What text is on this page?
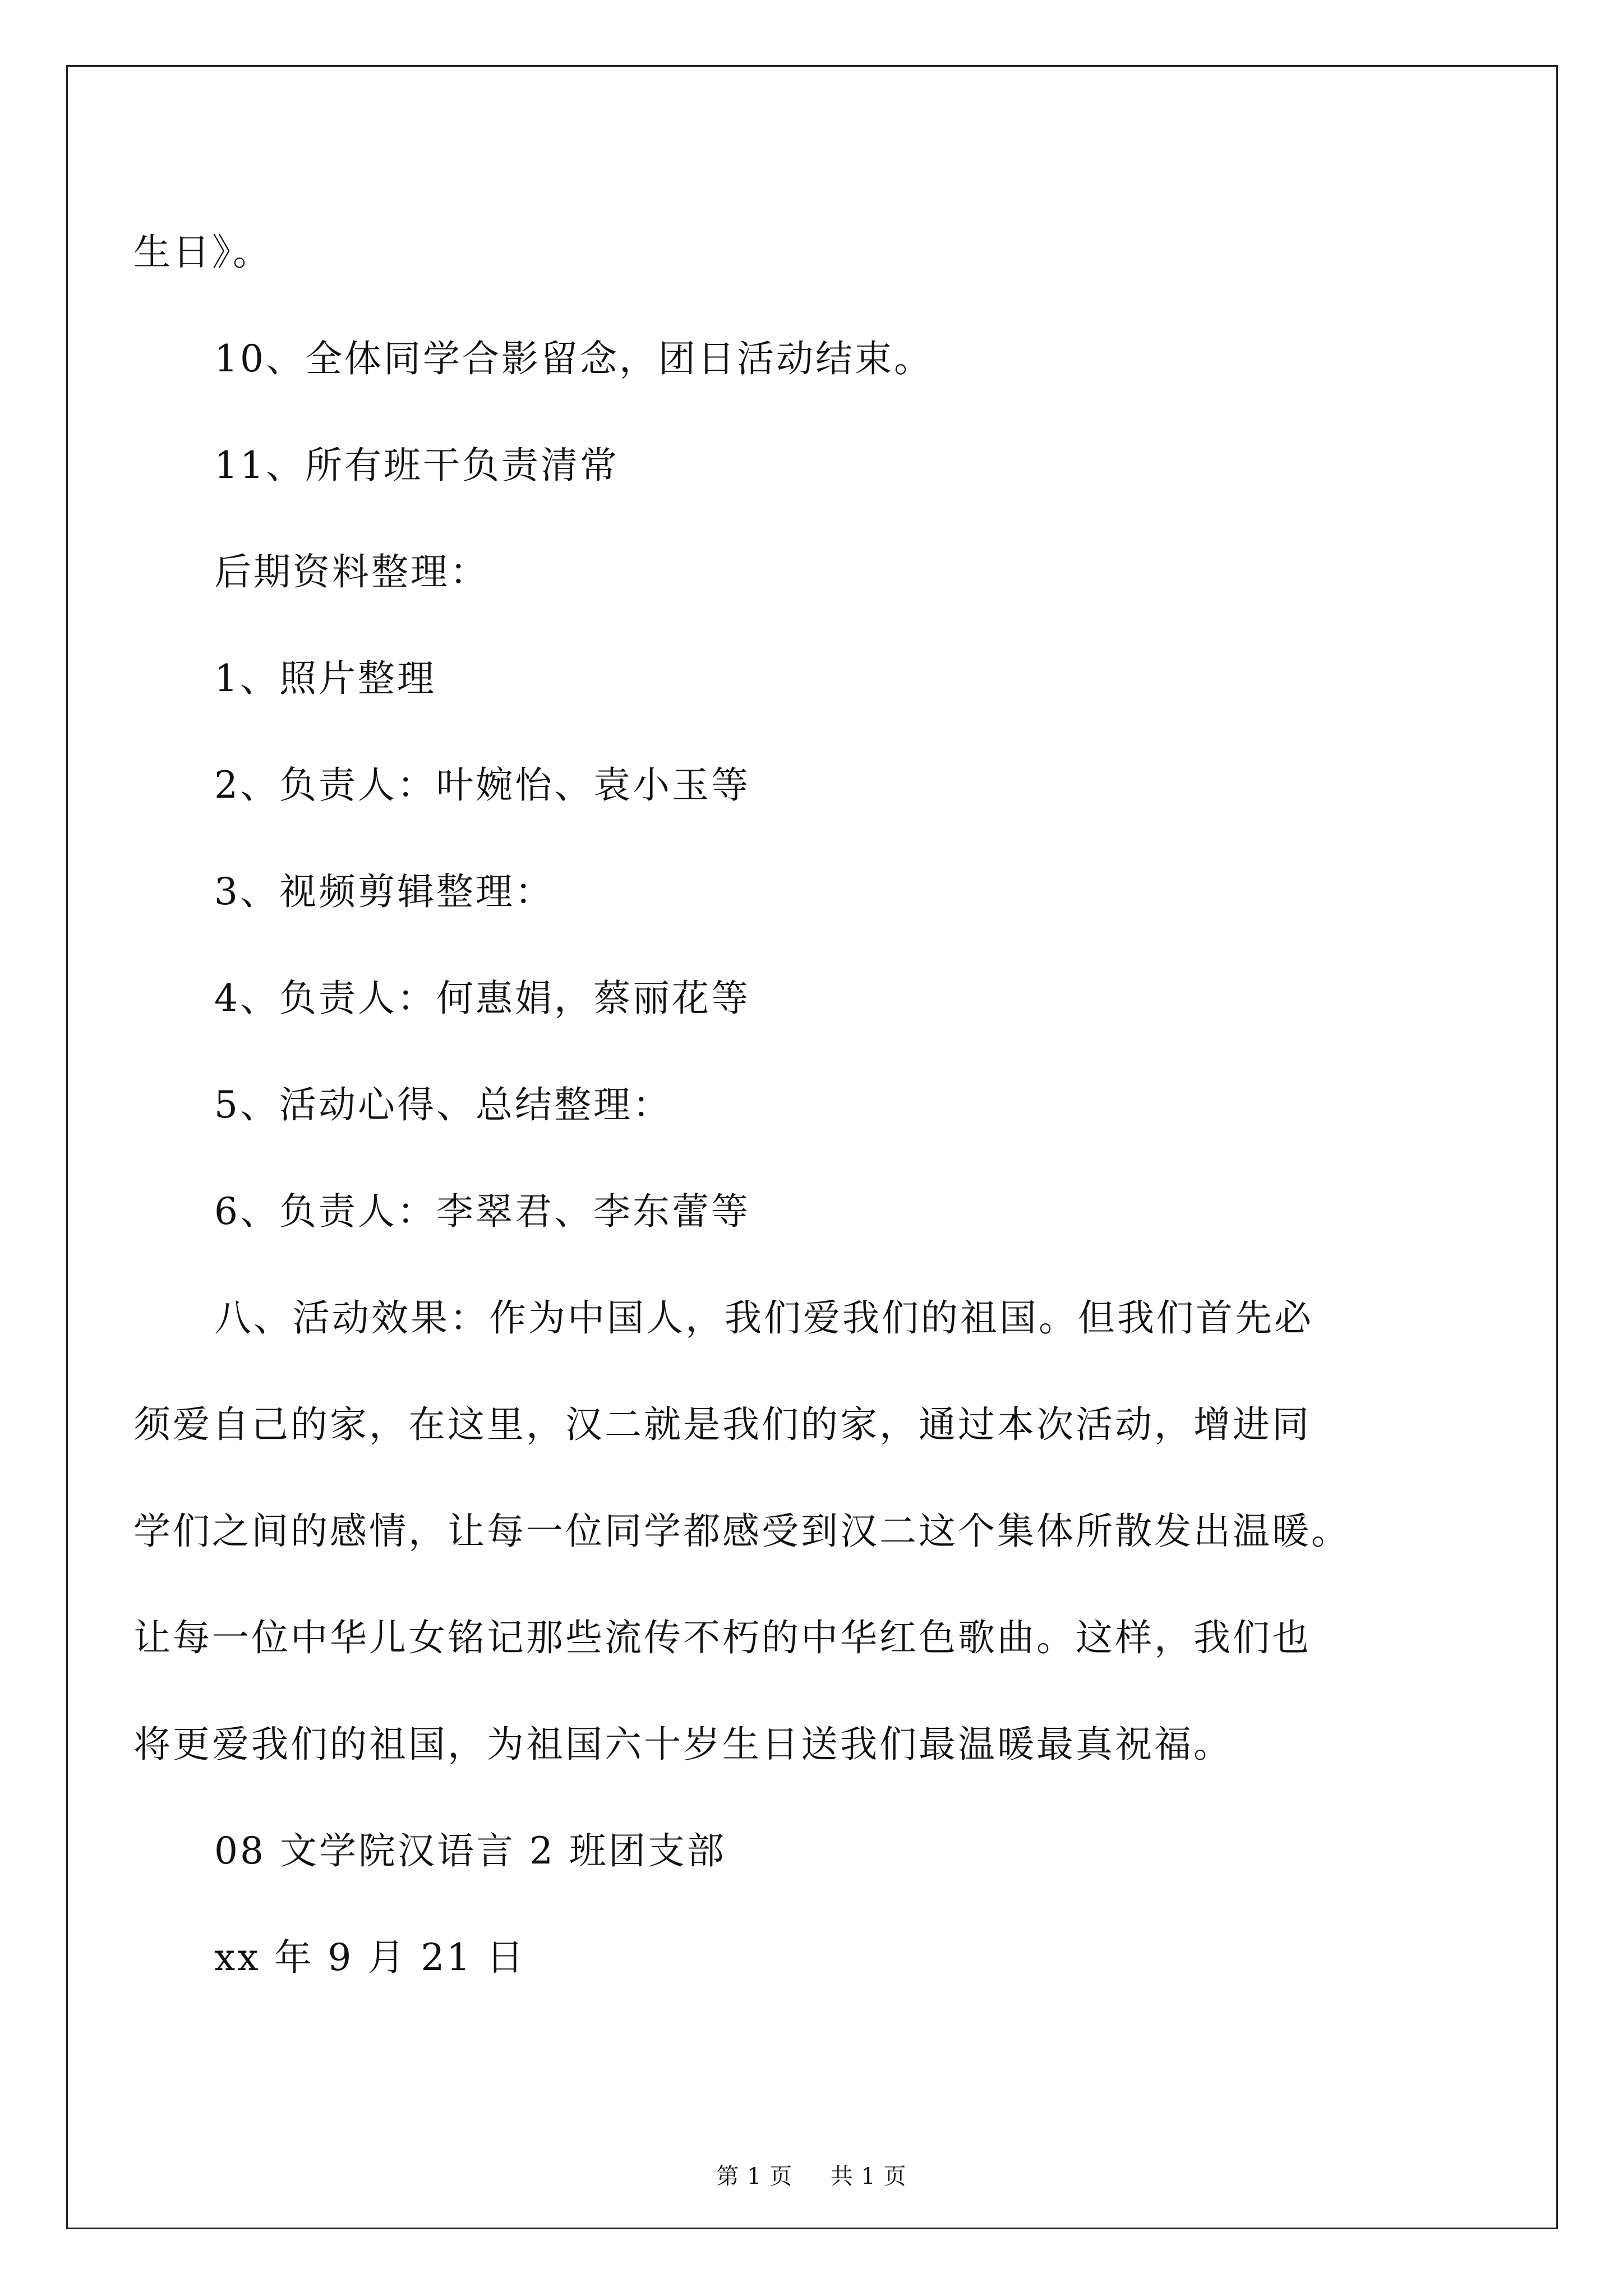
生日》。
10、全体同学合影留念，团日活动结束。
11、所有班干负责清常
后期资料整理：
1、照片整理
2、负责人：叶婉怡、袁小玉等
3、视频剪辑整理：
4、负责人：何惠娟，蔡丽花等
5、活动心得、总结整理：
6、负责人：李翠君、李东蕾等
八、活动效果：作为中国人，我们爱我们的祖国。但我们首先必
须爱自己的家，在这里，汉二就是我们的家，通过本次活动，增进同
学们之间的感情，让每一位同学都感受到汉二这个集体所散发出温暖。
让每一位中华儿女铭记那些流传不朽的中华红色歌曲。这样，我们也
将更爱我们的祖国，为祖国六十岁生日送我们最温暖最真祝福。
08 文学院汉语言 2 班团支部
xx 年 9 月 21 日
第 1 页 共 1 页
